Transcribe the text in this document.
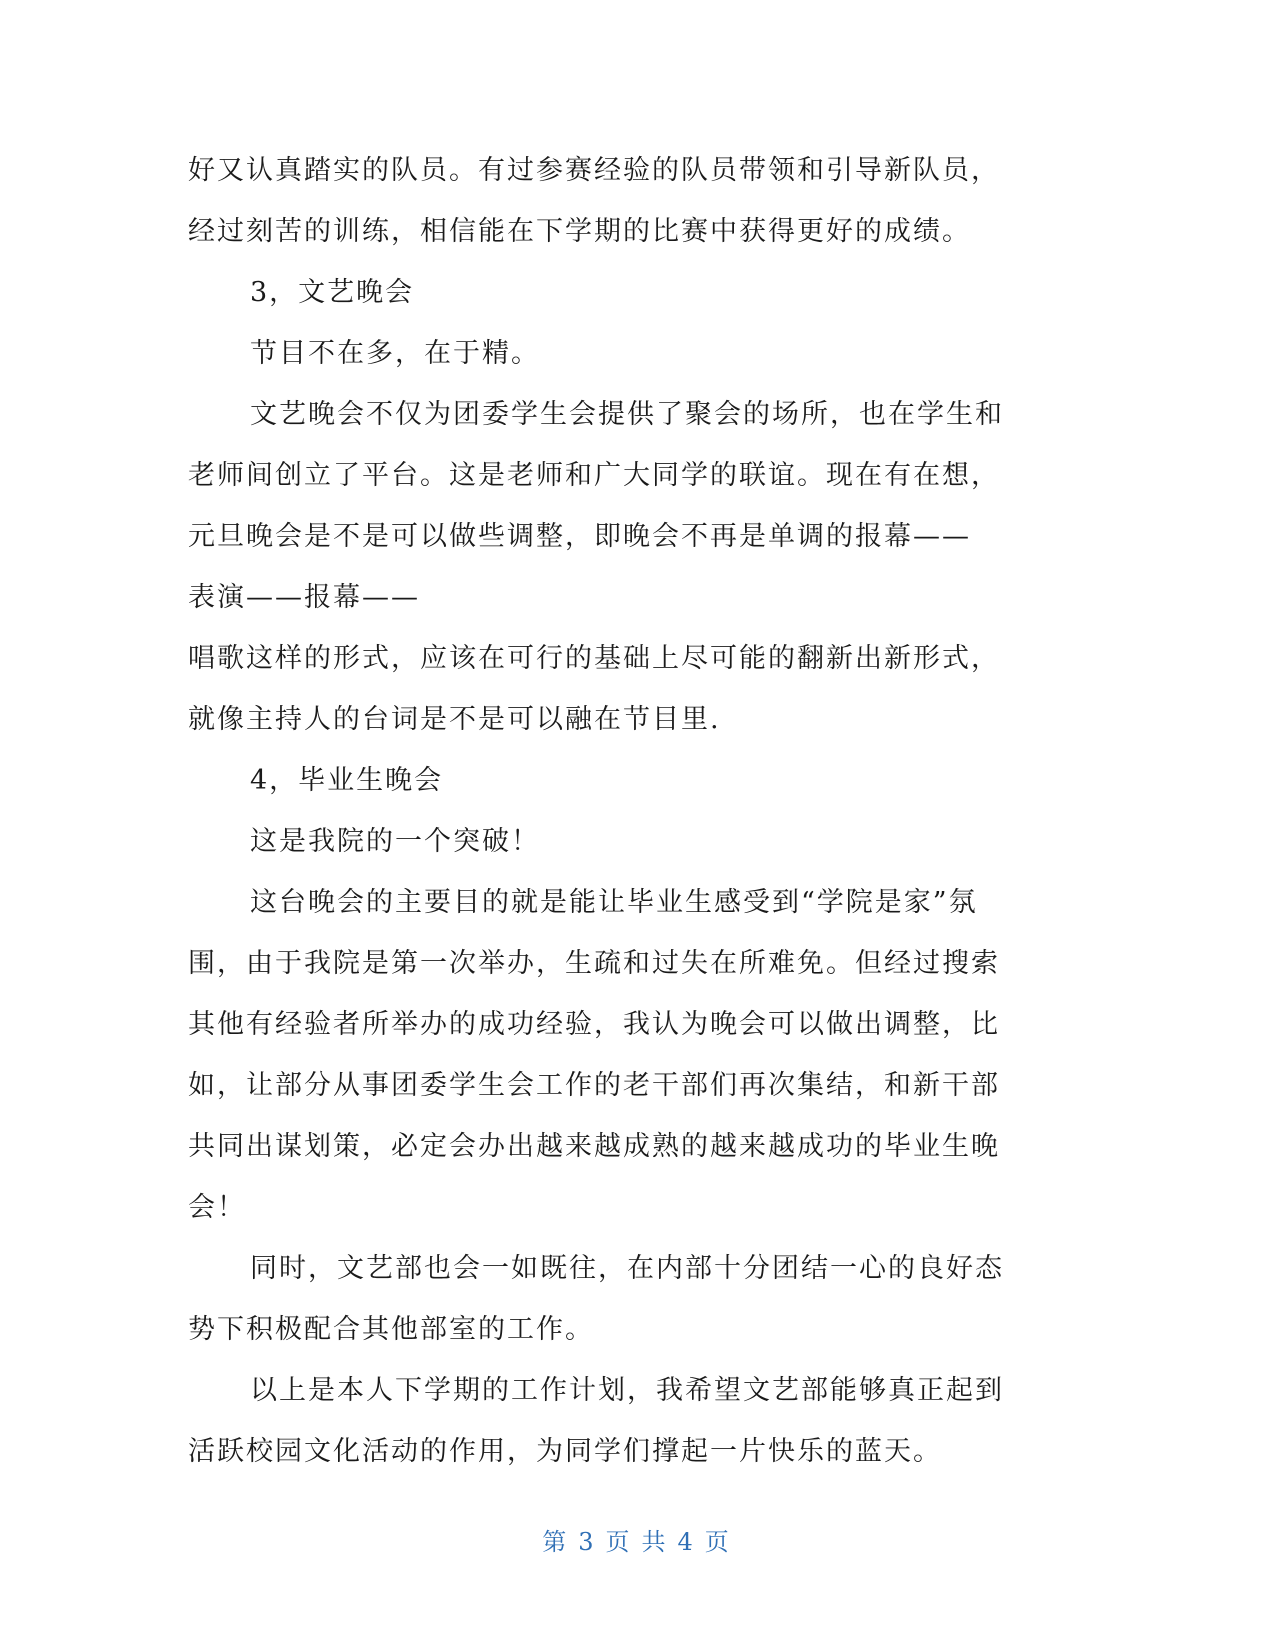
好又认真踏实的队员。有过参赛经验的队员带领和引导新队员，
经过刻苦的训练，相信能在下学期的比赛中获得更好的成绩。
3，文艺晚会
节目不在多，在于精。
文艺晚会不仅为团委学生会提供了聚会的场所，也在学生和
老师间创立了平台。这是老师和广大同学的联谊。现在有在想，
元旦晚会是不是可以做些调整，即晚会不再是单调的报幕——
表演——报幕——
唱歌这样的形式，应该在可行的基础上尽可能的翻新出新形式，
就像主持人的台词是不是可以融在节目里.
4，毕业生晚会
这是我院的一个突破！
这台晚会的主要目的就是能让毕业生感受到“学院是家”氛
围，由于我院是第一次举办，生疏和过失在所难免。但经过搜索
其他有经验者所举办的成功经验，我认为晚会可以做出调整，比
如，让部分从事团委学生会工作的老干部们再次集结，和新干部
共同出谋划策，必定会办出越来越成熟的越来越成功的毕业生晚
会！
同时，文艺部也会一如既往，在内部十分团结一心的良好态
势下积极配合其他部室的工作。
以上是本人下学期的工作计划，我希望文艺部能够真正起到
活跃校园文化活动的作用，为同学们撑起一片快乐的蓝天。
第 3 页 共 4 页
